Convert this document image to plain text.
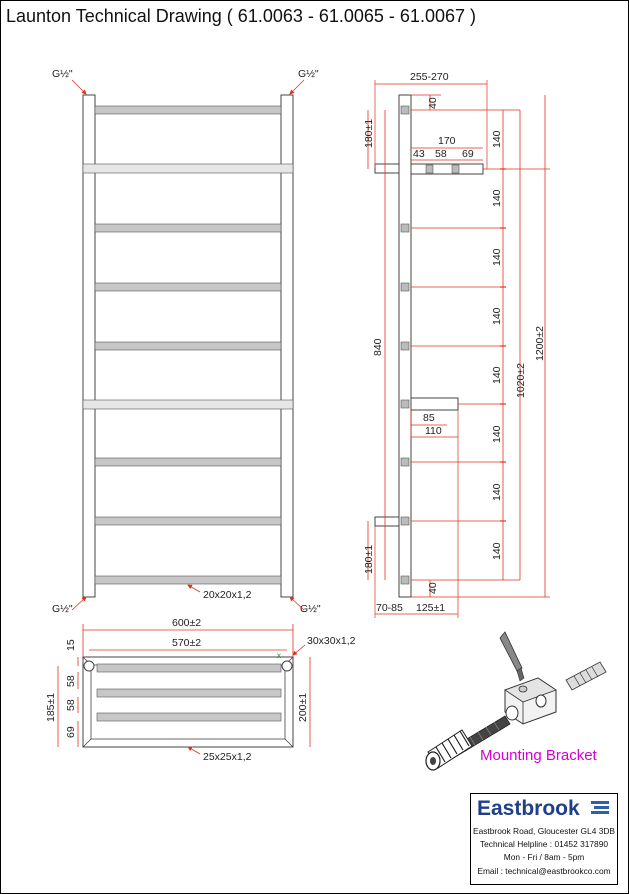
Launton Technical Drawing ( 61.0063 - 61.0065 - 61.0067 )
G½"	G½"
G½"	G½"
20x20x1,2
255-270
40
180±1	170
43 58 69
140
140
140
140
140
140
140
140
840
1020±2
1200±2
85
110
180±1
40
70-85 125±1
x
600±2
570±2	30x30x1,2
15
58
58
69
185±1	200±1
25x25x1,2	Mounting Bracket
Eastbrook
Eastbrook Road, Gloucester GL4 3DB
Technical Helpline : 01452 317890
Mon - Fri / 8am - 5pm
Email : technical@eastbrookco.com
